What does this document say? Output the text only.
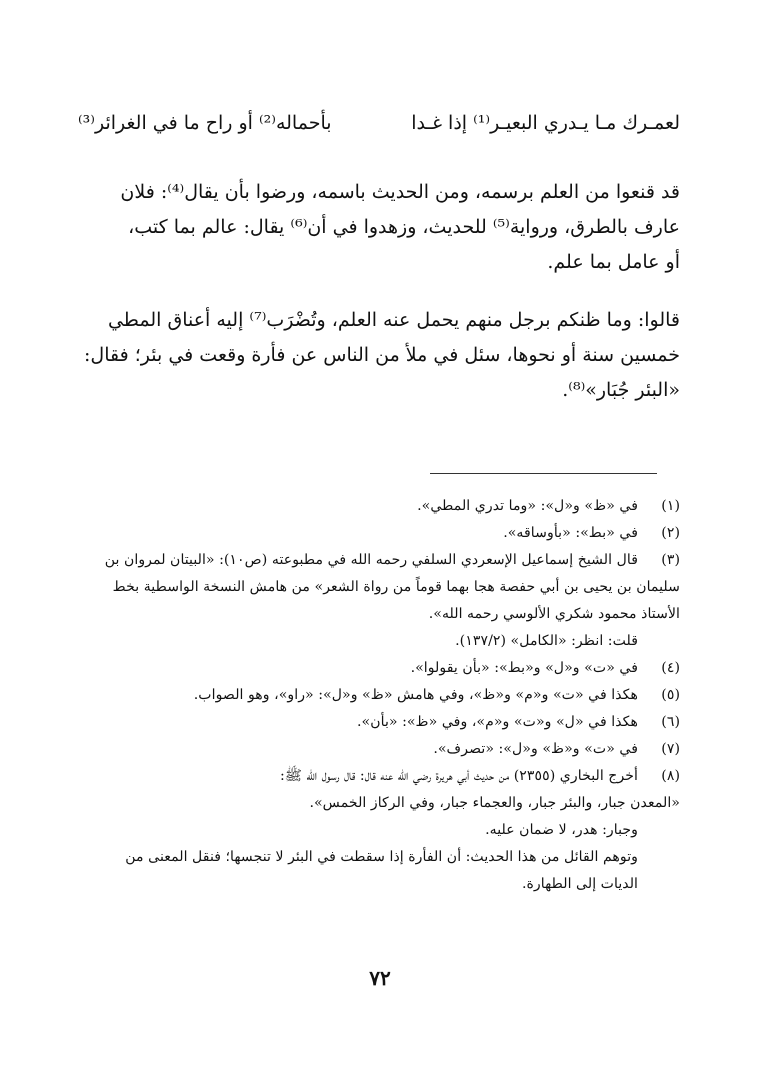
لعمـرك مـا يـدري البعيـر⁽¹⁾ إذا غـدا
بأحماله⁽²⁾ أو راح ما في الغرائر⁽³⁾
قد قنعوا من العلم برسمه، ومن الحديث باسمه، ورضوا بأن يقال⁽⁴⁾: فلان
عارف بالطرق، ورواية⁽⁵⁾ للحديث، وزهدوا في أن⁽⁶⁾ يقال: عالم بما كتب،
أو عامل بما علم.
قالوا: وما ظنكم برجل منهم يحمل عنه العلم، وتُضْرَب⁽⁷⁾ إليه أعناق المطي
خمسين سنة أو نحوها، سئل في ملأ من الناس عن فأرة وقعت في بئر؛ فقال:
«البئر جُبَار»⁽⁸⁾.
(١)
في «ظ» و«ل»: «وما تدري المطي».
(٢)
في «بط»: «بأوساقه».
(٣)
قال الشيخ إسماعيل الإسعردي السلفي رحمه الله في مطبوعته (ص١٠): «البيتان لمروان بن
سليمان بن يحيى بن أبي حفصة هجا بهما قوماً من رواة الشعر» من هامش النسخة الواسطية بخط
الأستاذ محمود شكري الألوسي رحمه الله».
قلت: انظر: «الكامل» (١٣٧/٢).
(٤)
في «ت» و«ل» و«بط»: «بأن يقولوا».
(٥)
هكذا في «ت» و«م» و«ظ»، وفي هامش «ظ» و«ل»: «راو»، وهو الصواب.
(٦)
هكذا في «ل» و«ت» و«م»، وفي «ظ»: «بأن».
(٧)
في «ت» و«ظ» و«ل»: «تصرف».
(٨)
أخرج البخاري (٢٣٥٥) من حديث أبي هريرة رضي الله عنه قال: قال رسول الله ﷺ:
«المعدن جبار، والبئر جبار، والعجماء جبار، وفي الركاز الخمس».
وجبار: هدر، لا ضمان عليه.
وتوهم القائل من هذا الحديث: أن الفأرة إذا سقطت في البئر لا تنجسها؛ فنقل المعنى من
الديات إلى الطهارة.
٧٢
